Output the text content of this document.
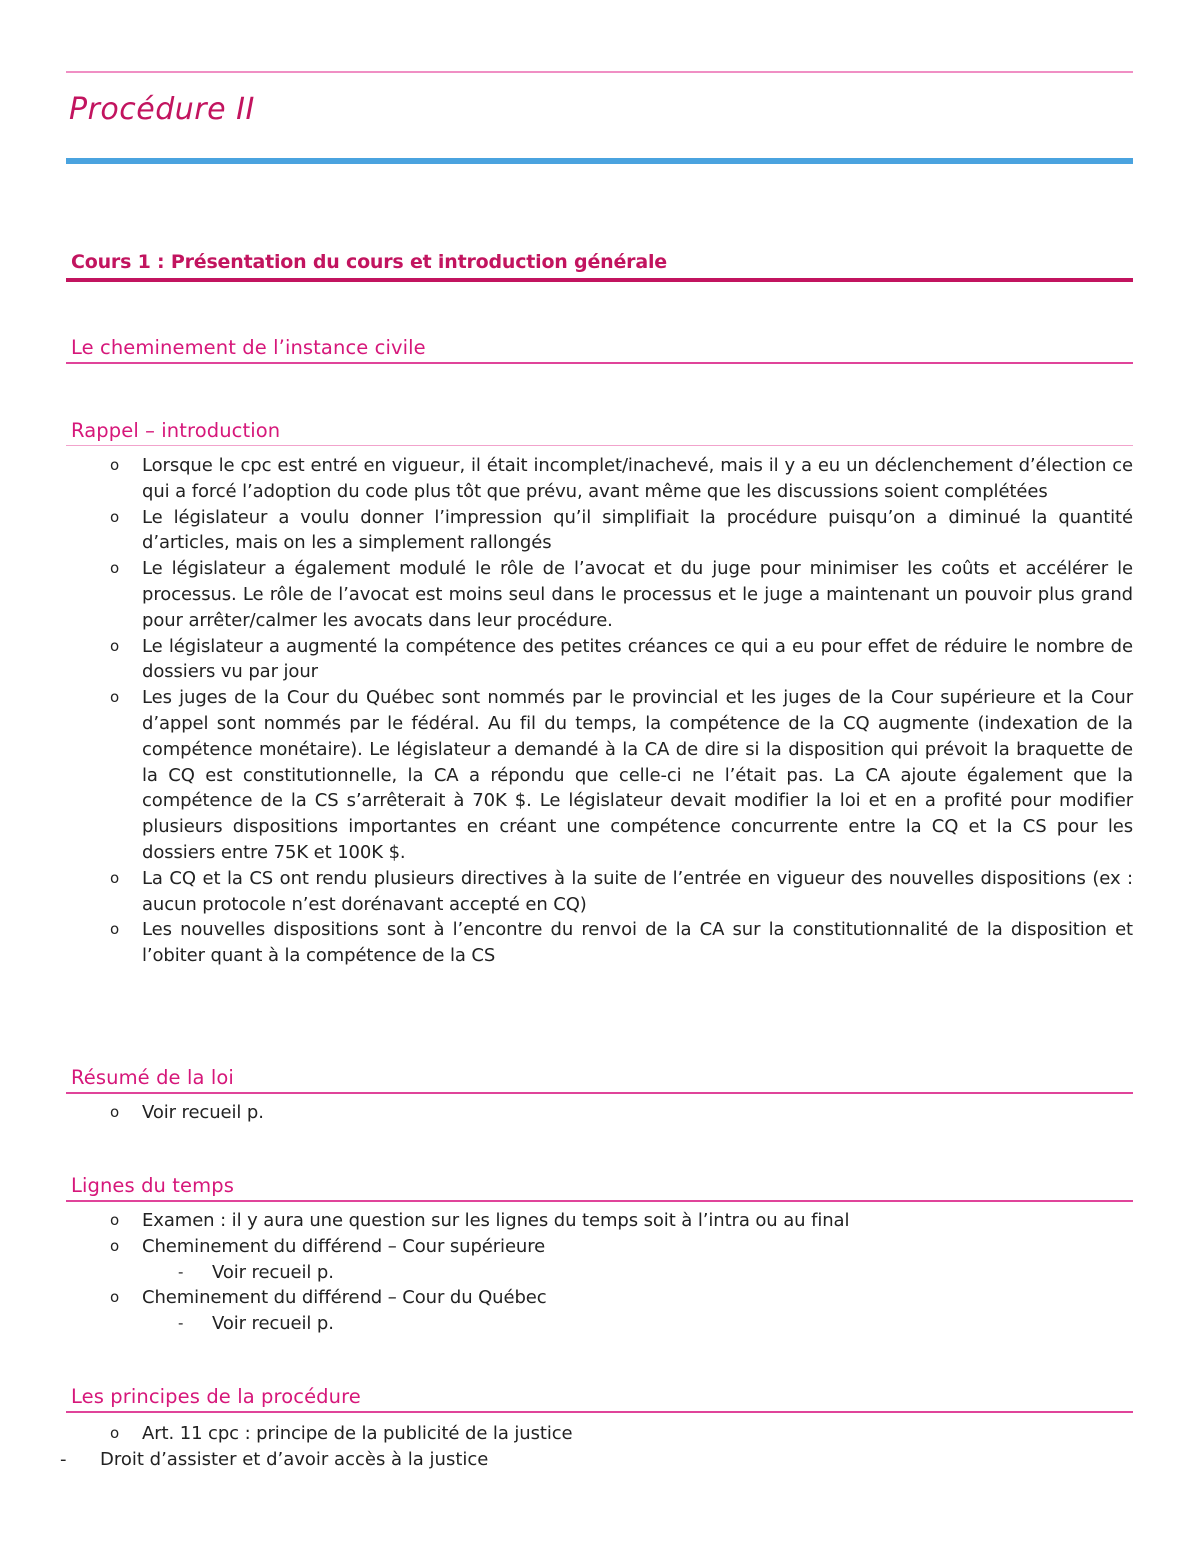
Procédure II
Cours 1 : Présentation du cours et introduction générale
Le cheminement de l’instance civile
Rappel – introduction
o Lorsque le cpc est entré en vigueur, il était incomplet/inachevé, mais il y a eu un déclenchement d’élection ce qui a forcé l’adoption du code plus tôt que prévu, avant même que les discussions soient complétées
o Le législateur a voulu donner l’impression qu’il simplifiait la procédure puisqu’on a diminué la quantité d’articles, mais on les a simplement rallongés
o Le législateur a également modulé le rôle de l’avocat et du juge pour minimiser les coûts et accélérer le processus. Le rôle de l’avocat est moins seul dans le processus et le juge a maintenant un pouvoir plus grand pour arrêter/calmer les avocats dans leur procédure.
o Le législateur a augmenté la compétence des petites créances ce qui a eu pour effet de réduire le nombre de dossiers vu par jour
o Les juges de la Cour du Québec sont nommés par le provincial et les juges de la Cour supérieure et la Cour d’appel sont nommés par le fédéral. Au fil du temps, la compétence de la CQ augmente (indexation de la compétence monétaire). Le législateur a demandé à la CA de dire si la disposition qui prévoit la braquette de la CQ est constitutionnelle, la CA a répondu que celle-ci ne l’était pas. La CA ajoute également que la compétence de la CS s’arrêterait à 70K $. Le législateur devait modifier la loi et en a profité pour modifier plusieurs dispositions importantes en créant une compétence concurrente entre la CQ et la CS pour les dossiers entre 75K et 100K $.
o La CQ et la CS ont rendu plusieurs directives à la suite de l’entrée en vigueur des nouvelles dispositions (ex : aucun protocole n’est dorénavant accepté en CQ)
o Les nouvelles dispositions sont à l’encontre du renvoi de la CA sur la constitutionnalité de la disposition et l’obiter quant à la compétence de la CS
Résumé de la loi
o Voir recueil p.
Lignes du temps
o Examen : il y aura une question sur les lignes du temps soit à l’intra ou au final
o Cheminement du différend – Cour supérieure
- Voir recueil p.
o Cheminement du différend – Cour du Québec
- Voir recueil p.
Les principes de la procédure
o Art. 11 cpc : principe de la publicité de la justice
- Droit d’assister et d’avoir accès à la justice
